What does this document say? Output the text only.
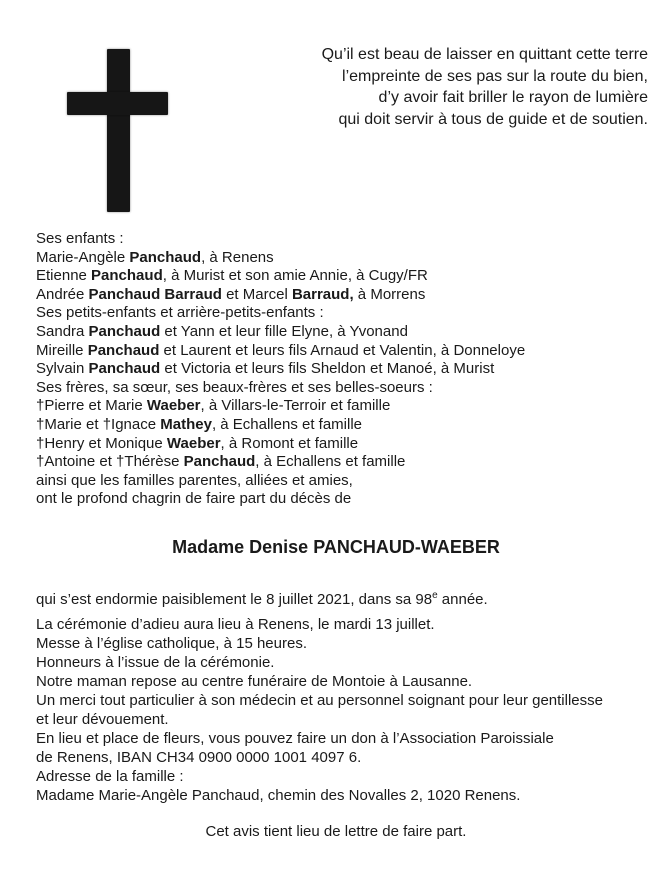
Qu’il est beau de laisser en quittant cette terre
l’empreinte de ses pas sur la route du bien,
d’y avoir fait briller le rayon de lumière
qui doit servir à tous de guide et de soutien.
Ses enfants :
Marie-Angèle Panchaud, à Renens
Etienne Panchaud, à Murist et son amie Annie, à Cugy/FR
Andrée Panchaud Barraud et Marcel Barraud, à Morrens
Ses petits-enfants et arrière-petits-enfants :
Sandra Panchaud et Yann et leur fille Elyne, à Yvonand
Mireille Panchaud et Laurent et leurs fils Arnaud et Valentin, à Donneloye
Sylvain Panchaud et Victoria et leurs fils Sheldon et Manoé, à Murist
Ses frères, sa sœur, ses beaux-frères et ses belles-soeurs :
†Pierre et Marie Waeber, à Villars-le-Terroir et famille
†Marie et †Ignace Mathey, à Echallens et famille
†Henry et Monique Waeber, à Romont et famille
†Antoine et †Thérèse Panchaud, à Echallens et famille
ainsi que les familles parentes, alliées et amies,
ont le profond chagrin de faire part du décès de
Madame Denise PANCHAUD-WAEBER
qui s’est endormie paisiblement le 8 juillet 2021, dans sa 98e année.
La cérémonie d’adieu aura lieu à Renens, le mardi 13 juillet.
Messe à l’église catholique, à 15 heures.
Honneurs à l’issue de la cérémonie.
Notre maman repose au centre funéraire de Montoie à Lausanne.
Un merci tout particulier à son médecin et au personnel soignant pour leur gentillesse
et leur dévouement.
En lieu et place de fleurs, vous pouvez faire un don à l’Association Paroissiale
de Renens, IBAN CH34 0900 0000 1001 4097 6.
Adresse de la famille :
Madame Marie-Angèle Panchaud, chemin des Novalles 2, 1020 Renens.
Cet avis tient lieu de lettre de faire part.
